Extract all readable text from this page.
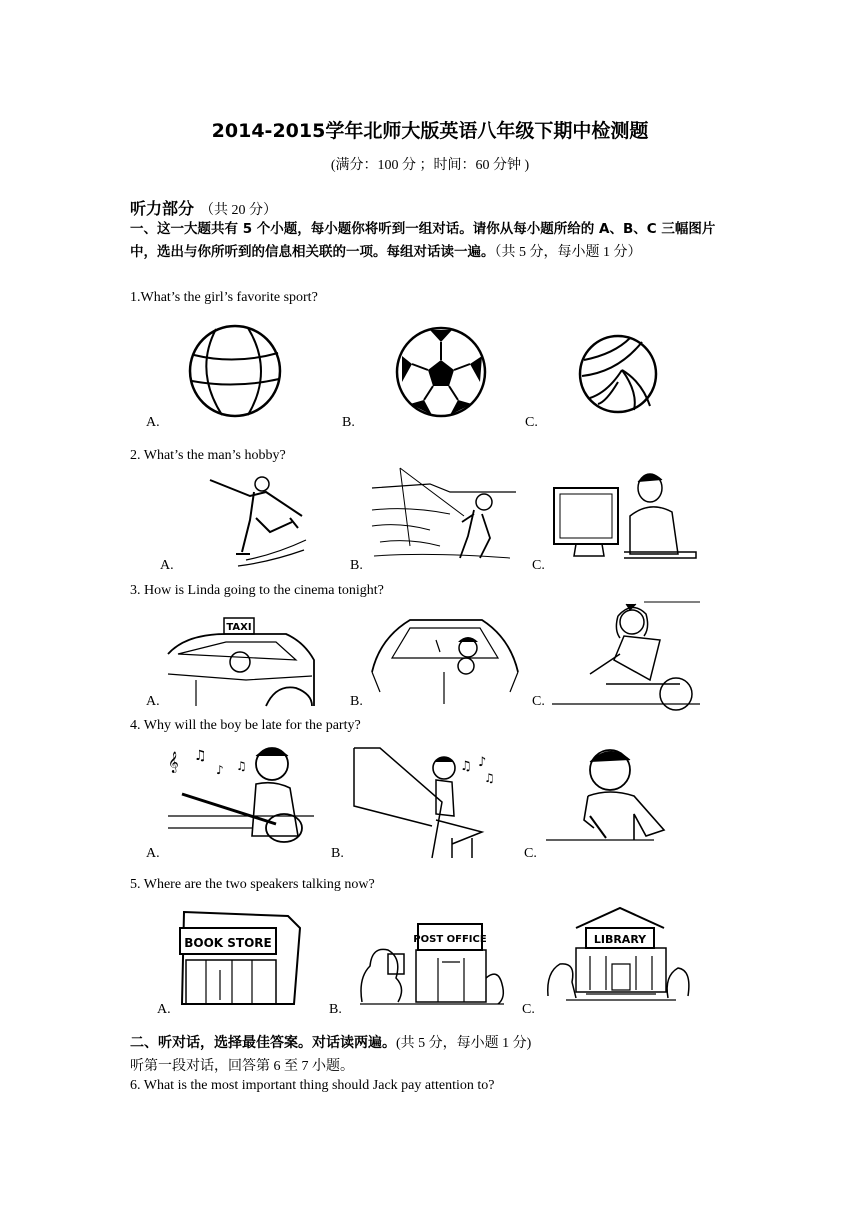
2014-2015学年北师大版英语八年级下期中检测题
(满分：100 分 ；时间：60 分钟 )
听力部分 （共 20 分）
一、这一大题共有 5 个小题，每小题你将听到一组对话。请你从每小题所给的 A、B、C 三幅图片中，选出与你所听到的信息相关联的一项。每组对话读一遍。（共 5 分，每小题 1 分）
1.What’s the girl’s favorite sport?
A.	B.	C.
2. What’s the man’s hobby?
A.	B.	C.
3. How is Linda going to the cinema tonight?
A.	B.	C.
TAXI
4. Why will the boy be late for the party?
A.	B.	C.
𝄞 ♫
♪ ♫	♫ ♪
♫
5. Where are the two speakers talking now?
A.	B.	C.
BOOK STORE	POST OFFICE	LIBRARY
二、听对话，选择最佳答案。对话读两遍。(共 5 分，每小题 1 分)
听第一段对话，回答第 6 至 7 小题。
6. What is the most important thing should Jack pay attention to?
